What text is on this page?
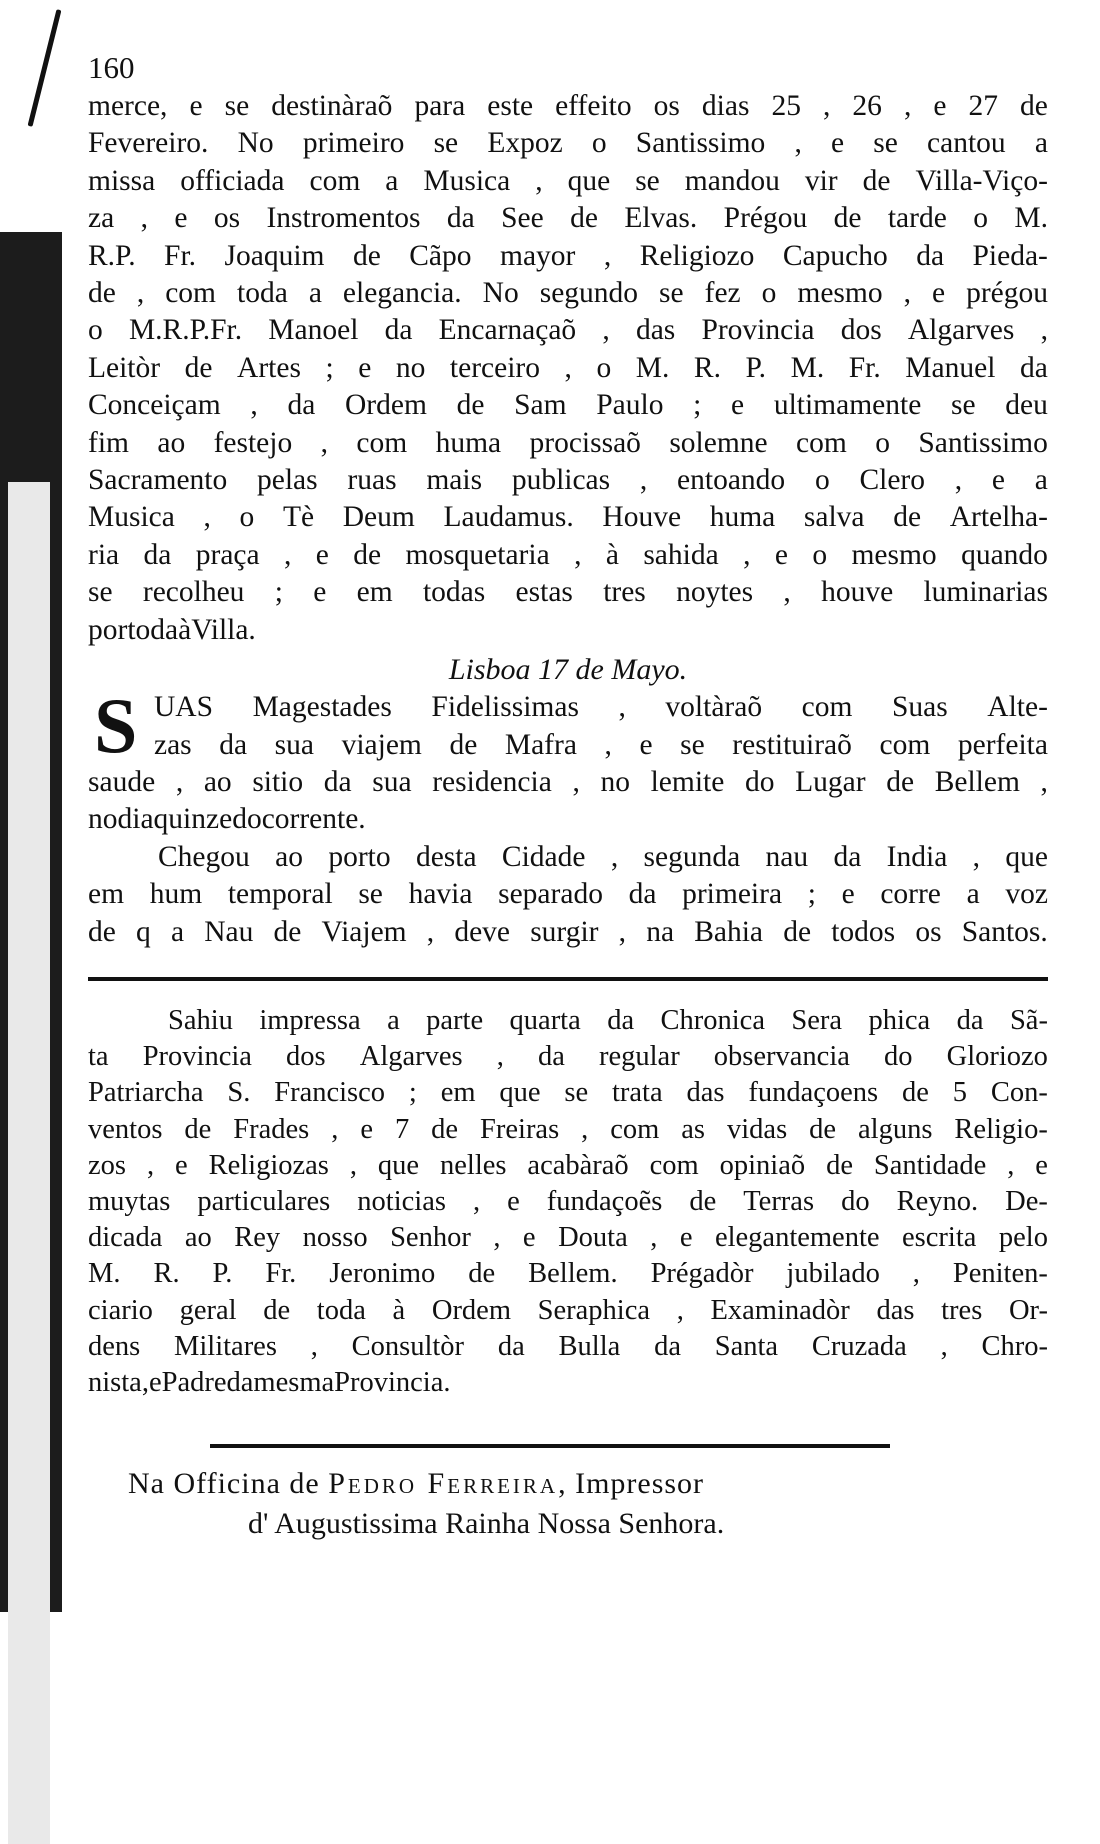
160
merce, e se destinàraõ para este effeito os dias 25 , 26 , e 27 de
Fevereiro. No primeiro se Expoz o Santissimo , e se cantou a
missa officiada com a Musica , que se mandou vir de Villa-Viço-
za , e os Instromentos da See de Elvas. Prégou de tarde o M.
R.P. Fr. Joaquim de Cãpo mayor , Religiozo Capucho da Pieda-
de , com toda a elegancia. No segundo se fez o mesmo , e prégou
o M.R.P.Fr. Manoel da Encarnaçaõ , das Provincia dos Algarves ,
Leitòr de Artes ; e no terceiro , o M. R. P. M. Fr. Manuel da
Conceiçam , da Ordem de Sam Paulo ; e ultimamente se deu
fim ao festejo , com huma procissaõ solemne com o Santissimo
Sacramento pelas ruas mais publicas , entoando o Clero , e a
Musica , o Tè Deum Laudamus. Houve huma salva de Artelha-
ria da praça , e de mosquetaria , à sahida , e o mesmo quando
se recolheu ; e em todas estas tres noytes , houve luminarias
por toda à Villa.
Lisboa 17 de Mayo.
S UAS Magestades Fidelissimas , voltàraõ com Suas Alte-
zas da sua viajem de Mafra , e se restituiraõ com perfeita
saude , ao sitio da sua residencia , no lemite do Lugar de Bellem ,
no dia quinze do corrente.
Chegou ao porto desta Cidade , segunda nau da India , que
em hum temporal se havia separado da primeira ; e corre a voz
de q a Nau de Viajem , deve surgir , na Bahia de todos os Santos.
Sahiu impressa a parte quarta da Chronica Sera phica da Sã-
ta Provincia dos Algarves , da regular observancia do Gloriozo
Patriarcha S. Francisco ; em que se trata das fundaçoens de 5 Con-
ventos de Frades , e 7 de Freiras , com as vidas de alguns Religio-
zos , e Religiozas , que nelles acabàraõ com opiniaõ de Santidade , e
muytas particulares noticias , e fundaçoẽs de Terras do Reyno. De-
dicada ao Rey nosso Senhor , e Douta , e elegantemente escrita pelo
M. R. P. Fr. Jeronimo de Bellem. Prégadòr jubilado , Peniten-
ciario geral de toda à Ordem Seraphica , Examinadòr das tres Or-
dens Militares , Consultòr da Bulla da Santa Cruzada , Chro-
nista , e Padre da mesma Provincia.
Na Officina de Pedro Ferreira, Impressor
d' Augustissima Rainha Nossa Senhora.
